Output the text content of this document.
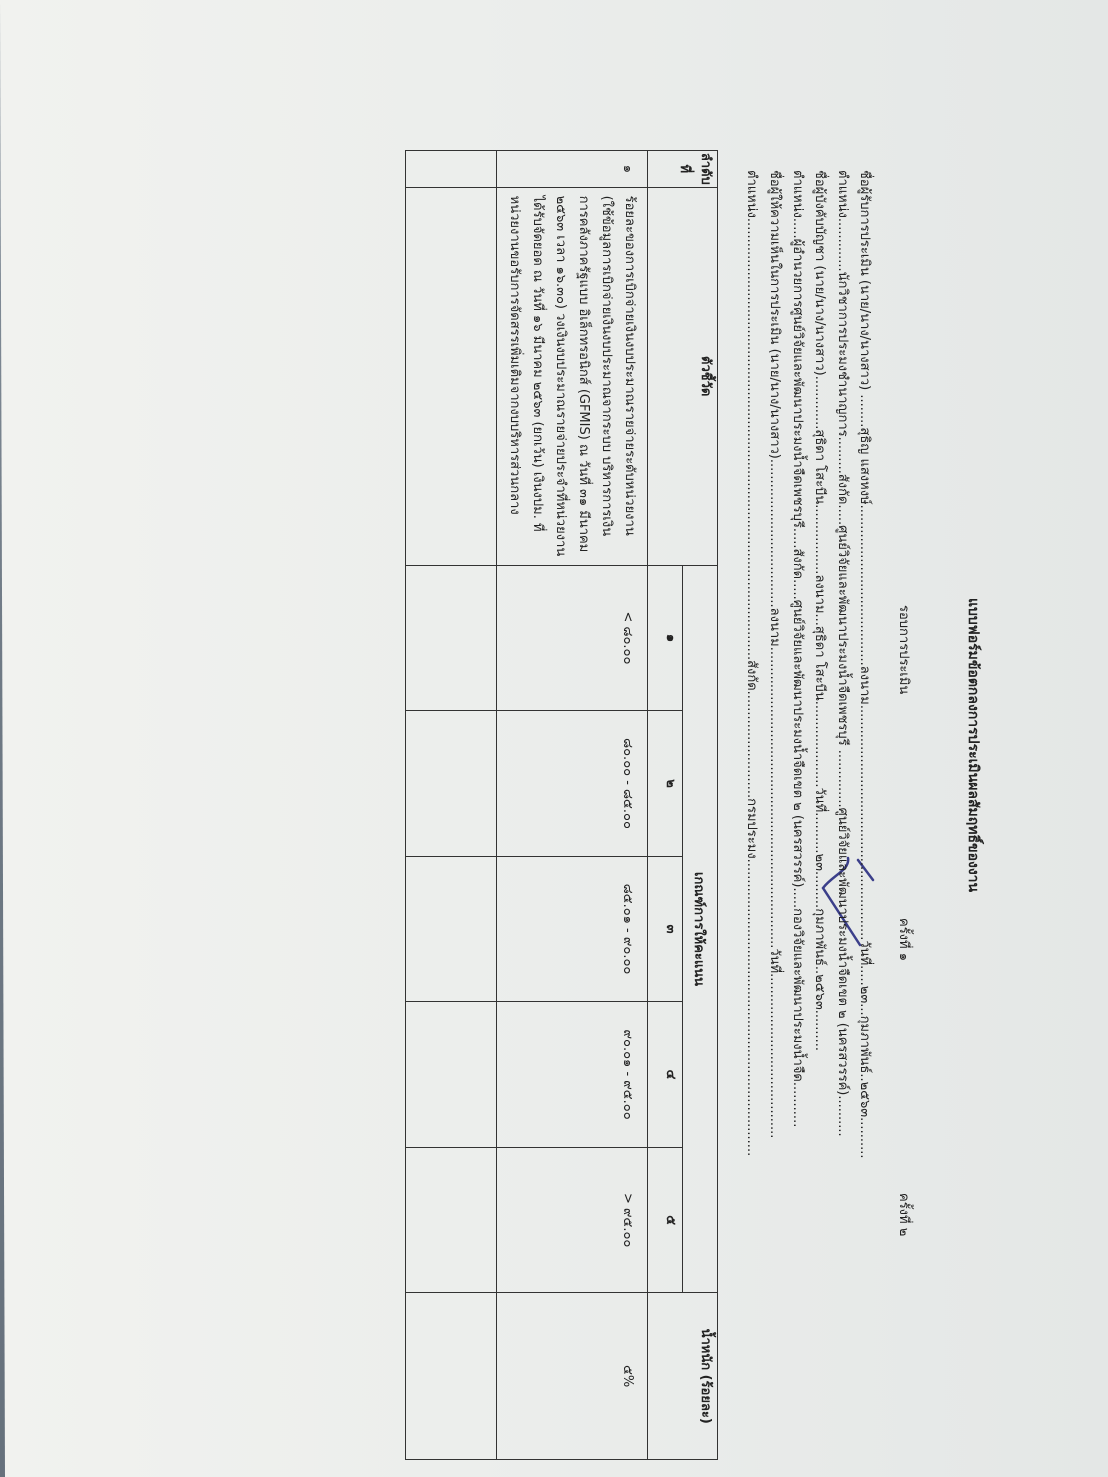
แบบฟอร์มข้อตกลงการประเมินผลสัมฤทธิ์ของงาน
รอบการประเมิน
ครั้งที่ ๑
ครั้งที่ ๒
ชื่อผู้รับการประเมิน (นาย/นาง/นางสาว) ........สุธิญ แสงหงษ์.......................................ลงนาม.........................................................วันที่.....๒๓...กุมภาพันธ์..๒๕๖๓..........
ตำแหน่ง.............นักวิชาการประมงชำนาญการ.........สังกัด.....ศูนย์วิจัยและพัฒนาประมงน้ำจืดเพชรบุรี ..............ศูนย์วิจัยและพัฒนาประมงน้ำจืดเขต ๒ (นครสวรรค์)..........
ชื่อผู้บังคับบัญชา (นาย/นาง/นางสาว).............สุธิดา โสะบีน.................ลงนาม...สุธิดา โสะบีน.....................วันที่..........๒๓.........กุมภาพันธ์..๒๕๖๓..........
ตำแหน่ง.....ผู้อำนวยการศูนย์วิจัยและพัฒนาประมงน้ำจืดเพชรบุรี.....สังกัด.....ศูนย์วิจัยและพัฒนาประมงน้ำจืดเขต ๒ (นครสวรรค์).....กองวิจัยและพัฒนาประมงน้ำจืด...........
ชื่อผู้ให้ความเห็นในการประเมิน (นาย/นาง/นางสาว)....................................ลงนาม.........................................................................วันที่........................................
ตำแหน่ง...........................................................................................................สังกัด..........................กรมประมง........................................................................
ลำดับที่	ตัวชี้วัด	เกณฑ์การให้คะแนน					น้ำหนัก (ร้อยละ)
		๑	๒	๓	๔	๕	

๑	ร้อยละของการเบิกจ่ายเงินงบประมาณรายจ่ายระดับหน่วยงาน (ใช้ข้อมูลการเบิกจ่ายเงินงบประมาณจากระบบ บริหารการเงินการคลังภาครัฐแบบ อิเล็กทรอนิกส์ (GFMIS) ณ วันที่ ๓๑ มีนาคม ๒๕๖๓ เวลา ๑๖.๓๐) วงเงินงบประมาณรายจ่ายประจำที่หน่วยงานได้รับจัดยอด ณ วันที่ ๑๖ มีนาคม ๒๕๖๓ (ยกเว้น) เงินงปม. ที่หน่วยงานขอรับการจัดสรรเพิ่มเติมจากงบบริหารส่วนกลาง	< ๘๐.๐๐	๘๐.๐๐ - ๘๕.๐๐	๘๕.๐๑ - ๙๐.๐๐	๙๐.๐๑ - ๙๕.๐๐	> ๙๕.๐๐	๕%
